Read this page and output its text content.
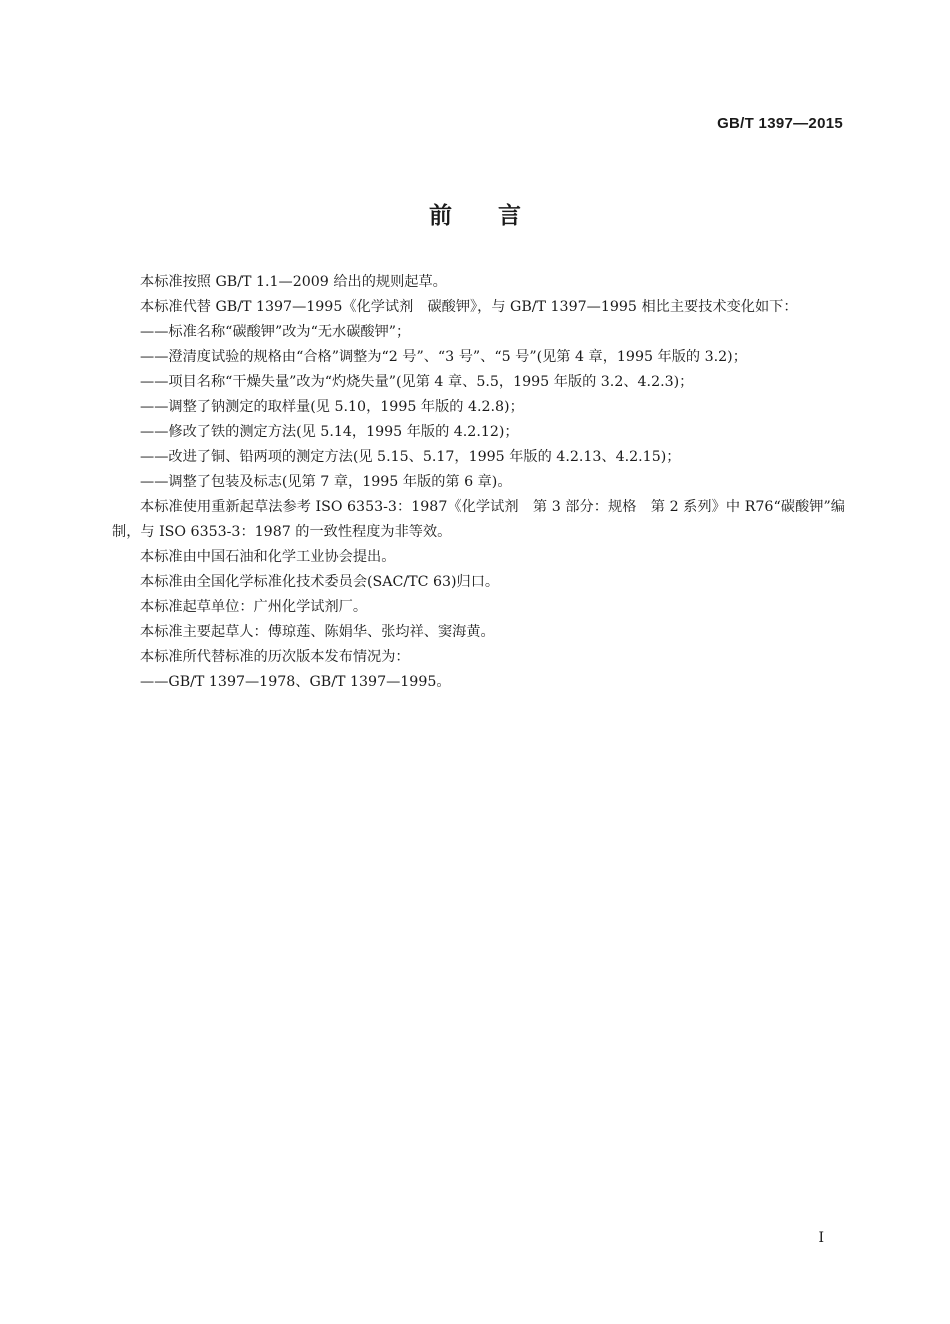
GB/T 1397—2015
前言

本标准按照 GB/T 1.1—2009 给出的规则起草。

本标准代替 GB/T 1397—1995《化学试剂　碳酸钾》，与 GB/T 1397—1995 相比主要技术变化如下：

——标准名称“碳酸钾”改为“无水碳酸钾”；

——澄清度试验的规格由“合格”调整为“2 号”、“3 号”、“5 号”(见第 4 章，1995 年版的 3.2)；

——项目名称“干燥失量”改为“灼烧失量”(见第 4 章、5.5，1995 年版的 3.2、4.2.3)；

——调整了钠测定的取样量(见 5.10，1995 年版的 4.2.8)；

——修改了铁的测定方法(见 5.14，1995 年版的 4.2.12)；

——改进了铜、铅两项的测定方法(见 5.15、5.17，1995 年版的 4.2.13、4.2.15)；

——调整了包装及标志(见第 7 章，1995 年版的第 6 章)。

本标准使用重新起草法参考 ISO 6353-3：1987《化学试剂　第 3 部分：规格　第 2 系列》中 R76“碳酸钾”编制，与 ISO 6353-3：1987 的一致性程度为非等效。

本标准由中国石油和化学工业协会提出。

本标准由全国化学标准化技术委员会(SAC/TC 63)归口。

本标准起草单位：广州化学试剂厂。

本标准主要起草人：傅琼莲、陈娟华、张均祥、窦海黄。

本标准所代替标准的历次版本发布情况为：

——GB/T 1397—1978、GB/T 1397—1995。

I
